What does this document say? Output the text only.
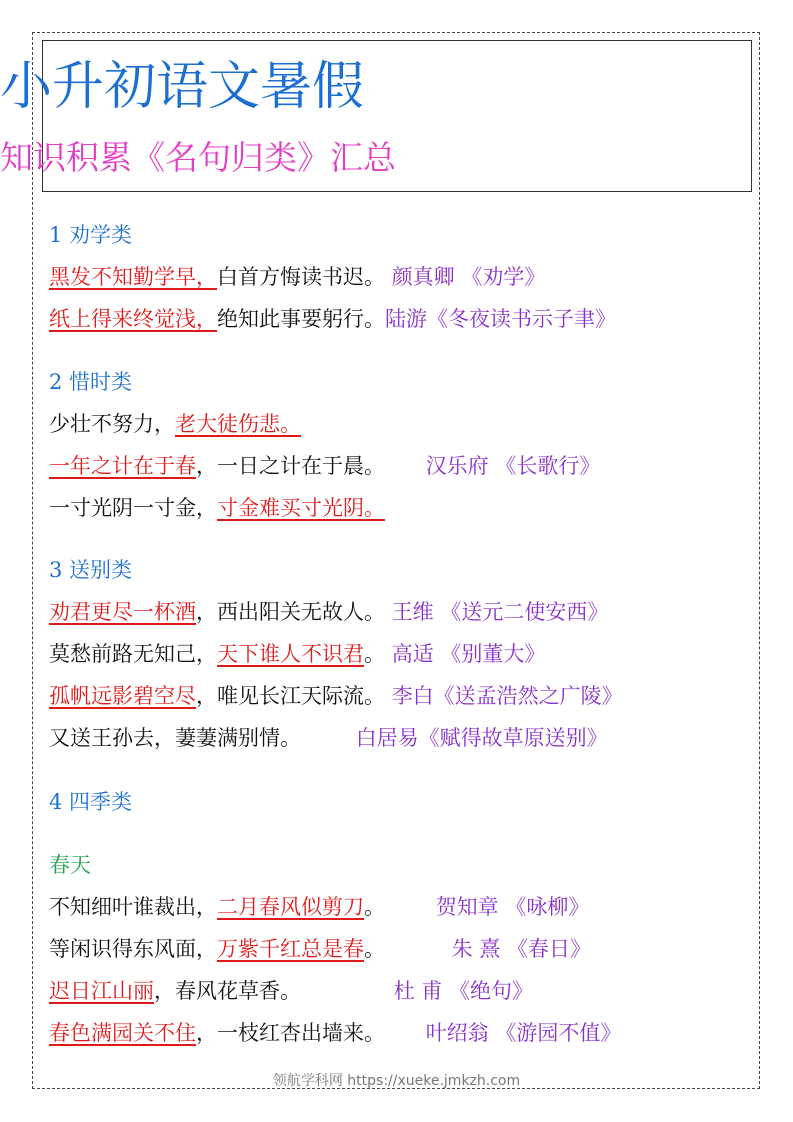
小升初语文暑假
知识积累《名句归类》汇总
1 劝学类
黑发不知勤学早，白首方悔读书迟。 颜真卿 《劝学》
纸上得来终觉浅，绝知此事要躬行。陆游《冬夜读书示子聿》
2 惜时类
少壮不努力，老大徒伤悲。
一年之计在于春，一日之计在于晨。 汉乐府 《长歌行》
一寸光阴一寸金，寸金难买寸光阴。
3 送别类
劝君更尽一杯酒，西出阳关无故人。 王维 《送元二使安西》
莫愁前路无知己，天下谁人不识君。 高适 《别董大》
孤帆远影碧空尽，唯见长江天际流。 李白《送孟浩然之广陵》
又送王孙去，萋萋满别情。	白居易《赋得故草原送别》
4 四季类
春天
不知细叶谁裁出，二月春风似剪刀。 贺知章 《咏柳》
等闲识得东风面，万紫千红总是春。	朱 熹 《春日》
迟日江山丽，春风花草香。	杜 甫 《绝句》
春色满园关不住，一枝红杏出墙来。 叶绍翁 《游园不值》
领航学科网 https://xueke.jmkzh.com
